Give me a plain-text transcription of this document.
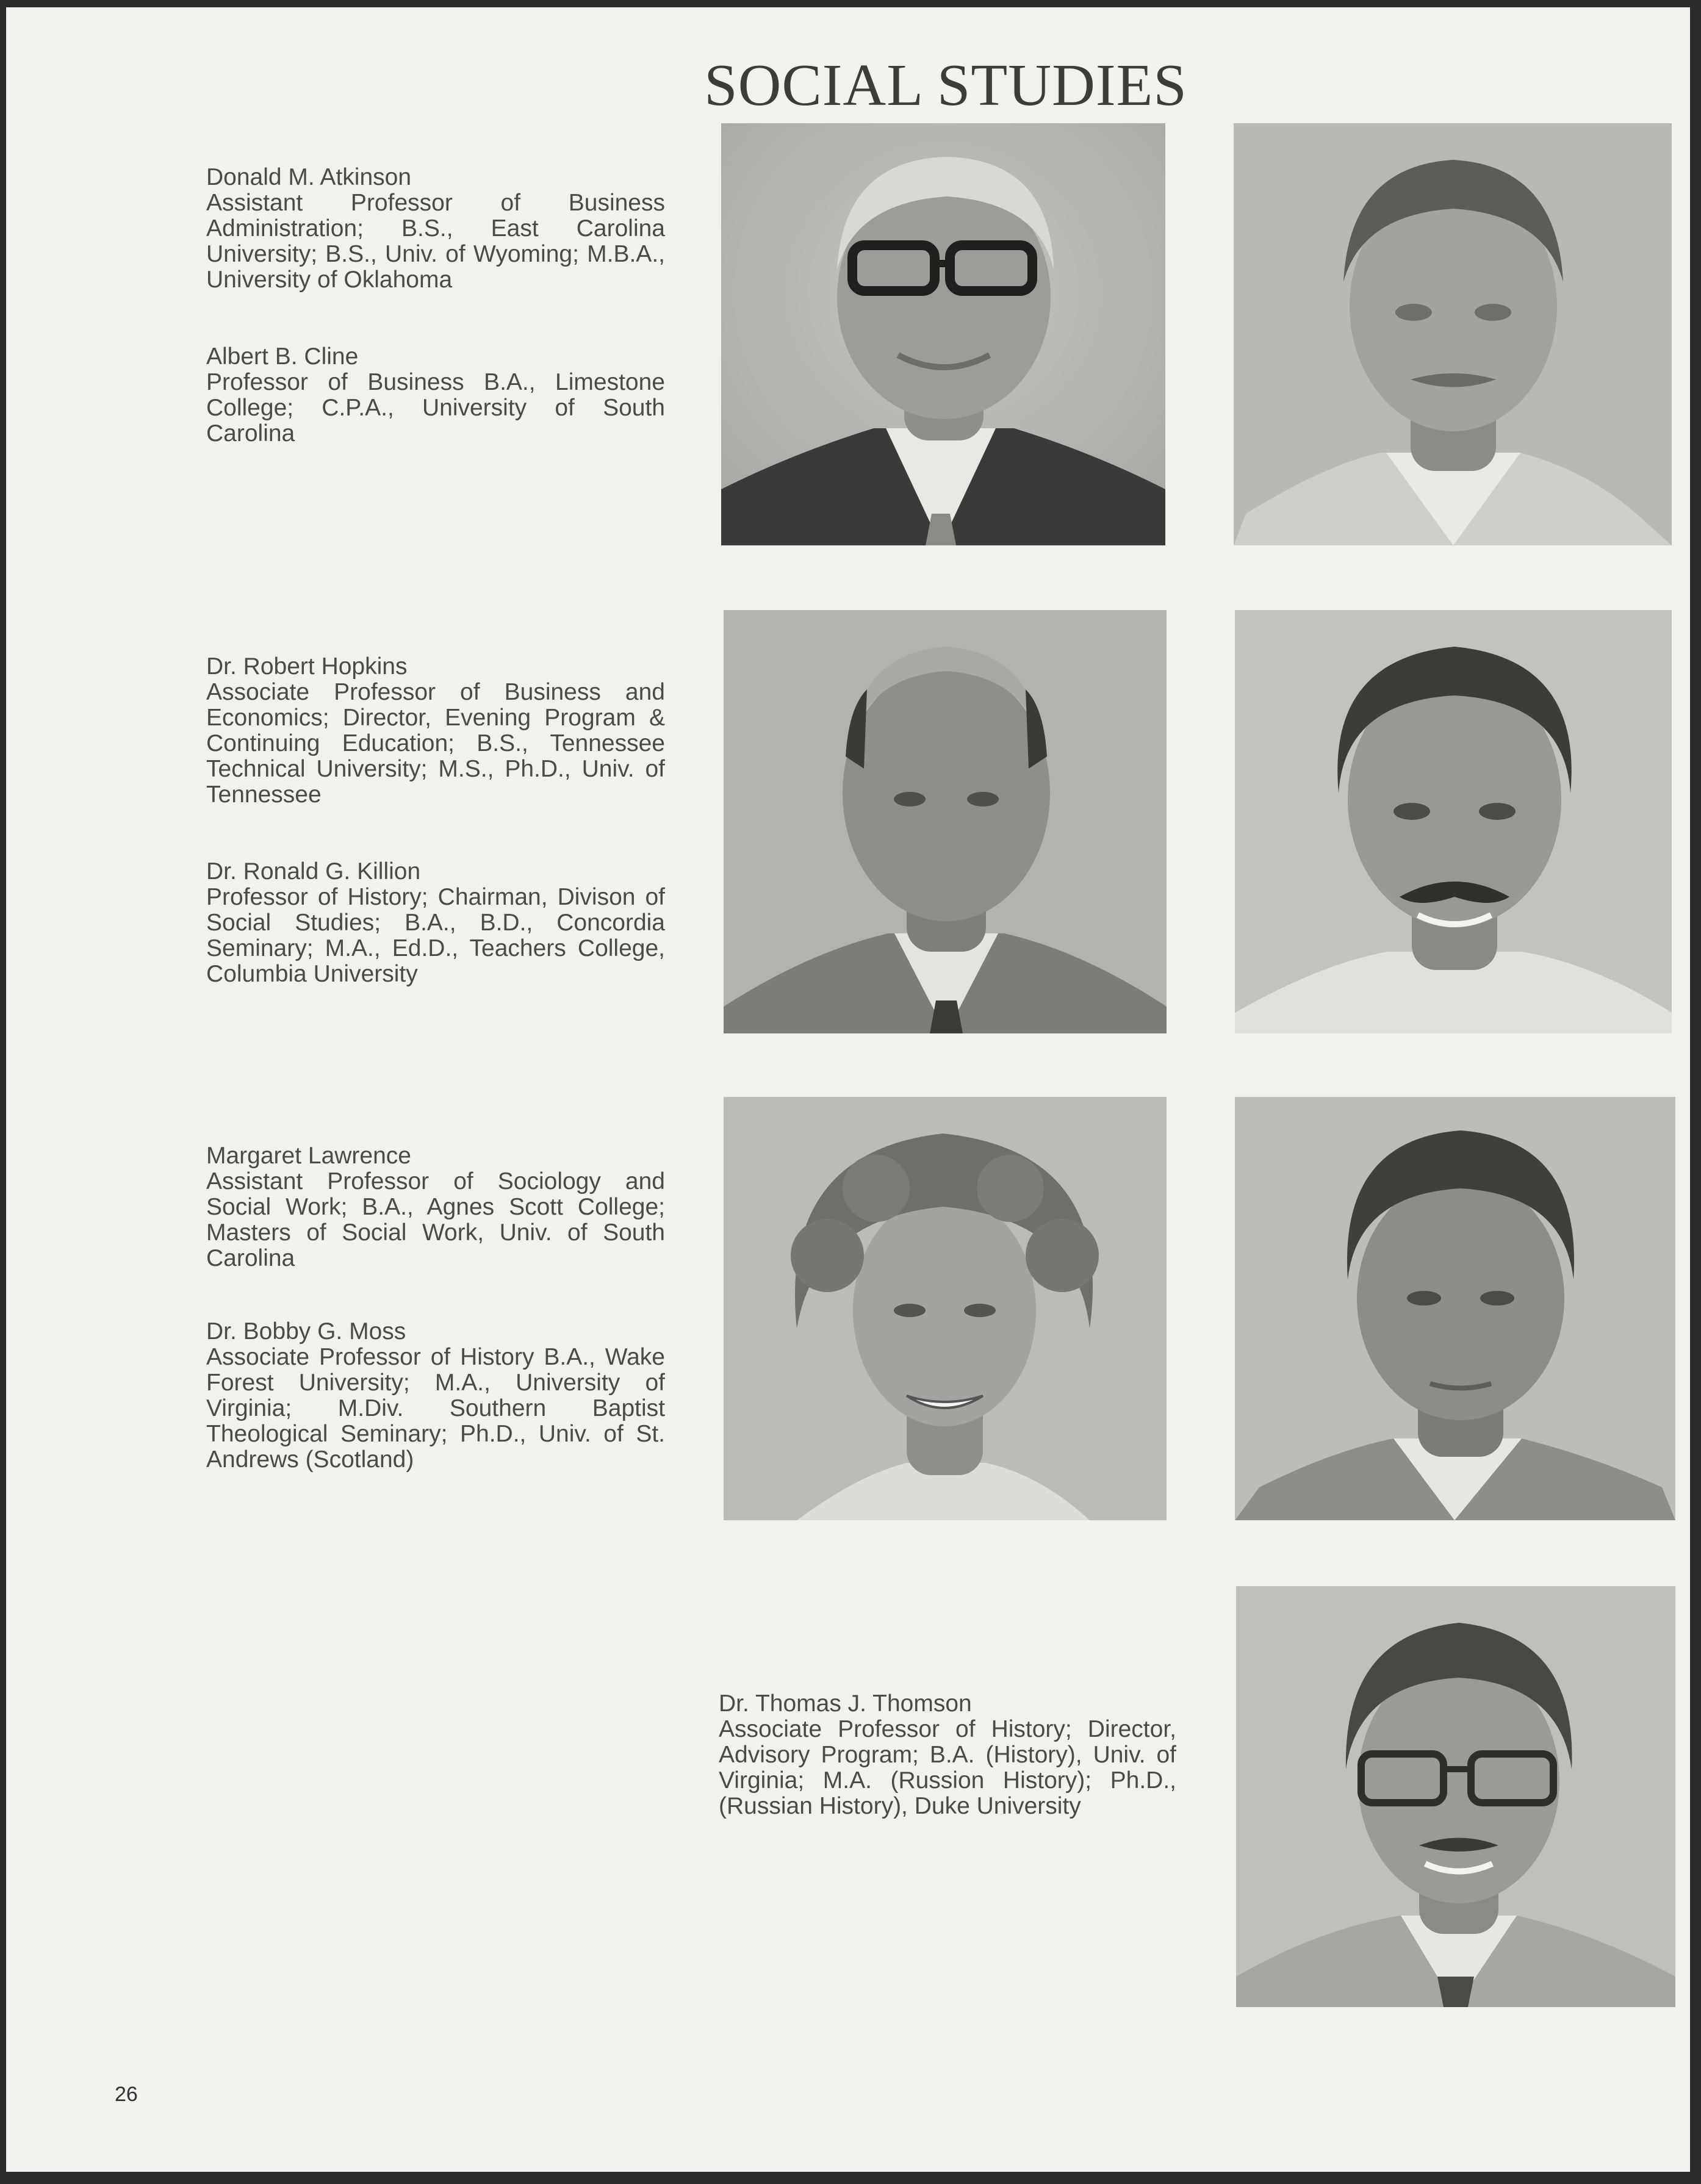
SOCIAL STUDIES

Donald M. Atkinson
Assistant Professor of Business Administration; B.S., East Carolina University; B.S., Univ. of Wyoming; M.B.A., University of Oklahoma

Albert B. Cline
Professor of Business B.A., Limestone College; C.P.A., University of South Carolina

Dr. Robert Hopkins
Associate Professor of Business and Economics; Director, Evening Program & Continuing Education; B.S., Tennessee Technical University; M.S., Ph.D., Univ. of Tennessee

Dr. Ronald G. Killion
Professor of History; Chairman, Divison of Social Studies; B.A., B.D., Concordia Seminary; M.A., Ed.D., Teachers College, Columbia University

Margaret Lawrence
Assistant Professor of Sociology and Social Work; B.A., Agnes Scott College; Masters of Social Work, Univ. of South Carolina

Dr. Bobby G. Moss
Associate Professor of History B.A., Wake Forest University; M.A., University of Virginia; M.Div. Southern Baptist Theological Seminary; Ph.D., Univ. of St. Andrews (Scotland)

Dr. Thomas J. Thomson
Associate Professor of History; Director, Advisory Program; B.A. (History), Univ. of Virginia; M.A. (Russion History); Ph.D., (Russian History), Duke University

26
